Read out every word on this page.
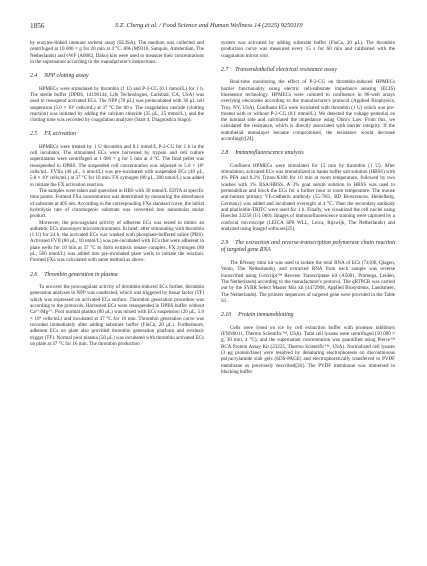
1856	S.Z. Cheng et al. / Food Science and Human Wellness 14 (2025) 9250119

by enzyme-linked immune sorbent assay (ELISA). The medium was collected and centrifuged at 10 000 × g for 20 min at 4 °C. tPA (M9316, Sanquin, Amsterdam, The Netherlands) and vWF (A0082, Dako) kits were used to measure their concentrations in the supernatant according to the manufacturer's instructions.

2.4 NPP clotting assay

HPMECs were stimulated by thrombin (1 U) and P-2-CG (0.1 mmol/L) for 1 h. The sterile buffer (DPBS, 14190144, Life Technologies, Carlsbad, CA, USA) was used to resuspend activated ECs. The NPP (70 μL) was preincubated with 30 μL cell suspension (5.0 × 10⁶ cells/mL) at 37 °C for 60 s. The coagulation cascade (clotting reaction) was initiated by adding the calcium chloride (25 μL, 25 mmol/L), and the clotting time was recorded by coagulation analyzer (Start 4, Diagnostica Stago).

2.5 FX activation

HPMECs were treated by 1 U thrombin and 0.1 mmol/L P-2-CG for 1 h in the cell incubator. The stimulated ECs were harvested by trypsin and cell culture supernatants were centrifuged at 1 000 × g for 5 min at 4 °C. The final pellet was resuspended in DPBS. The suspended cell concentration was adjusted to 5.0 × 10⁶ cells/mL. FVIIa (40 μL, 4 nmol/L) was pre-incubated with suspended ECs (40 μL, 5.0 × 10⁶ cells/mL) at 37 °C for 10 min. FX zymogen (80 μL, 200 nmol/L) was added to initiate the FX activation reaction.

The samples were taken and quenched in HBS with 30 mmol/L EDTA at specific time points. Formed FXa concentration was determined by measuring the absorbance of substrate at 405 nm. According to the corresponding FXa standard curve, the initial hydrolysis rate of chromogenic substrate was converted into nanomolar molar product.

Moreover, the procoagulant activity of adherent ECs was tested to mimic an authentic ECs monolayer microenvironment. In brief, after stimulating with thrombin (1 U) for 24 h, the activated ECs was washed with phosphate-buffered saline (PBS). Activated FVII (80 μL, 10 nmol/L) was pre-incubated with ECs that were adherent in plate wells for 10 min at 37 °C to form extrinsic tenase complex. FX zymogen (80 μL, 500 nmol/L) was added into pre-incubated plate wells to initiate the reaction. Formed FXa was calculated with same method as above.

2.6 Thrombin generation in plasma

To uncover the procoagulant activity of thrombin-induced ECs further, thrombin generation analyses in NPP was conducted, which was triggered by tissue factor (TF) which was expressed on activated ECs surface. Thrombin generation procedure was according to the protocols. Harvested ECs were resuspended in DPBS buffer without Ca²⁺/Mg²⁺. Pool normal plasma (80 μL) was mixed with ECs suspension (20 μL, 5.0 × 10⁶ cells/mL) and incubated at 37 °C for 10 min. Thrombin generation curve was recorded immediately after adding substrate buffer (FluCa, 20 μL). Furthermore, adherent ECs on plate also provided thrombin generation platform and extrinsic trigger (TF). Normal pool plasma (50 μL) was incubated with thrombin activated ECs on plate at 37 °C for 10 min. The thrombin production

system was activated by adding substrate buffer (FluCa, 20 μL). The thrombin production curve was measured every 15 s for 60 min and calibrated with the coagulation mirror tool.

2.7 Transendothelial electrical resistance assay

Real-time monitoring the effect of P-2-CG on thrombin-induced HPMECs barrier functionality using electric cell-substrate impedance sensing (ECIS) bioesensor technology. HPMECs were cultured to confluence in 96-well arrays overlying electrodes according to the manufacturer's protocol (Applied Biophysics, Troy, NY, USA). Confluent ECs were incubated with thrombin (1 U) which was pre-treated with or without P-2-CG (0.1 mmol/L). We detected the voltage potential on the luminal side and calculated the impedance using Ohm's Law. From this, we calculated the resistance, which is directly associated with barrier integrity. If the endothelial monolayer became compromised, the resistance would decrease accordingly[24].

2.8 Immunofluorescence analysis

Confluent HPMECs were stimulated for 15 min by thrombin (1 U). After stimulation, activated ECs was immobilized in hanks buffer salt solution (HBSS) with 4% PFA and 0.2% Triton-X100 for 10 min at room temperature, followed by two washes with 1% BSA/HBSS. A 3% goat serum solution in HBSS was used to permeabilize and block the ECs for a further hour at room temperature. The mouse anti-human primary VE-cadherin antibody (55-7H1, BD Biosciences, Heidelberg, Germany) was added and incubated overnight at 4 °C. Then the secondary antibody and phalloidin-TRITC were used for 1 h. Finally, we visualized the cell nuclei using Hoechst 33258 (1/1 000). Images of immunofluorescence staining were captured by a confocal microscope (LEICA SP8 WLL, Leica, Rijswijk, The Netherlands) and analyzed using ImageJ software[25].

2.9 The extraction and reverse-transcription polymerase chain reaction of targeted gene RNA

The RNeasy mini kit was used to isolate the total RNA of ECs (74106, Qiagen, Venlo, The Netherlands), and extracted RNA from each sample was reverse transcribed using GoScript™ Reverse Transcriptase kit (A5001, Promega, Leiden, The Netherlands) according to the manufacturer's protocol. The qRTPCR was carried out by the SYBR Select Master Mix kit (4472908, Applied Biosystems, Landsmeer, The Netherlands). The primers sequences of targeted gene were provided in the Table S1.

2.10 Protein immunoblotting

Cells were lysed on ice by cell extraction buffer with protease inhibitors (FNN0011, Thermo Scientific™, USA). Total cell lysates were centrifuged (10 000 × g, 30 min, 4 °C), and the supernatant concentration was quantified using Pierce™ BCA Protein Assay Kit (23225, Thermo Scientific™, USA). Normalized cell lysates (3 μg protein/lane) were resolved by denaturing electrophoresis on discontinuous polyacrylamide slab gels (SDS-PAGE) and electrophoretically transferred to PVDF membrane as previously described[26]. The PVDF membrane was immersed in blocking buffer
